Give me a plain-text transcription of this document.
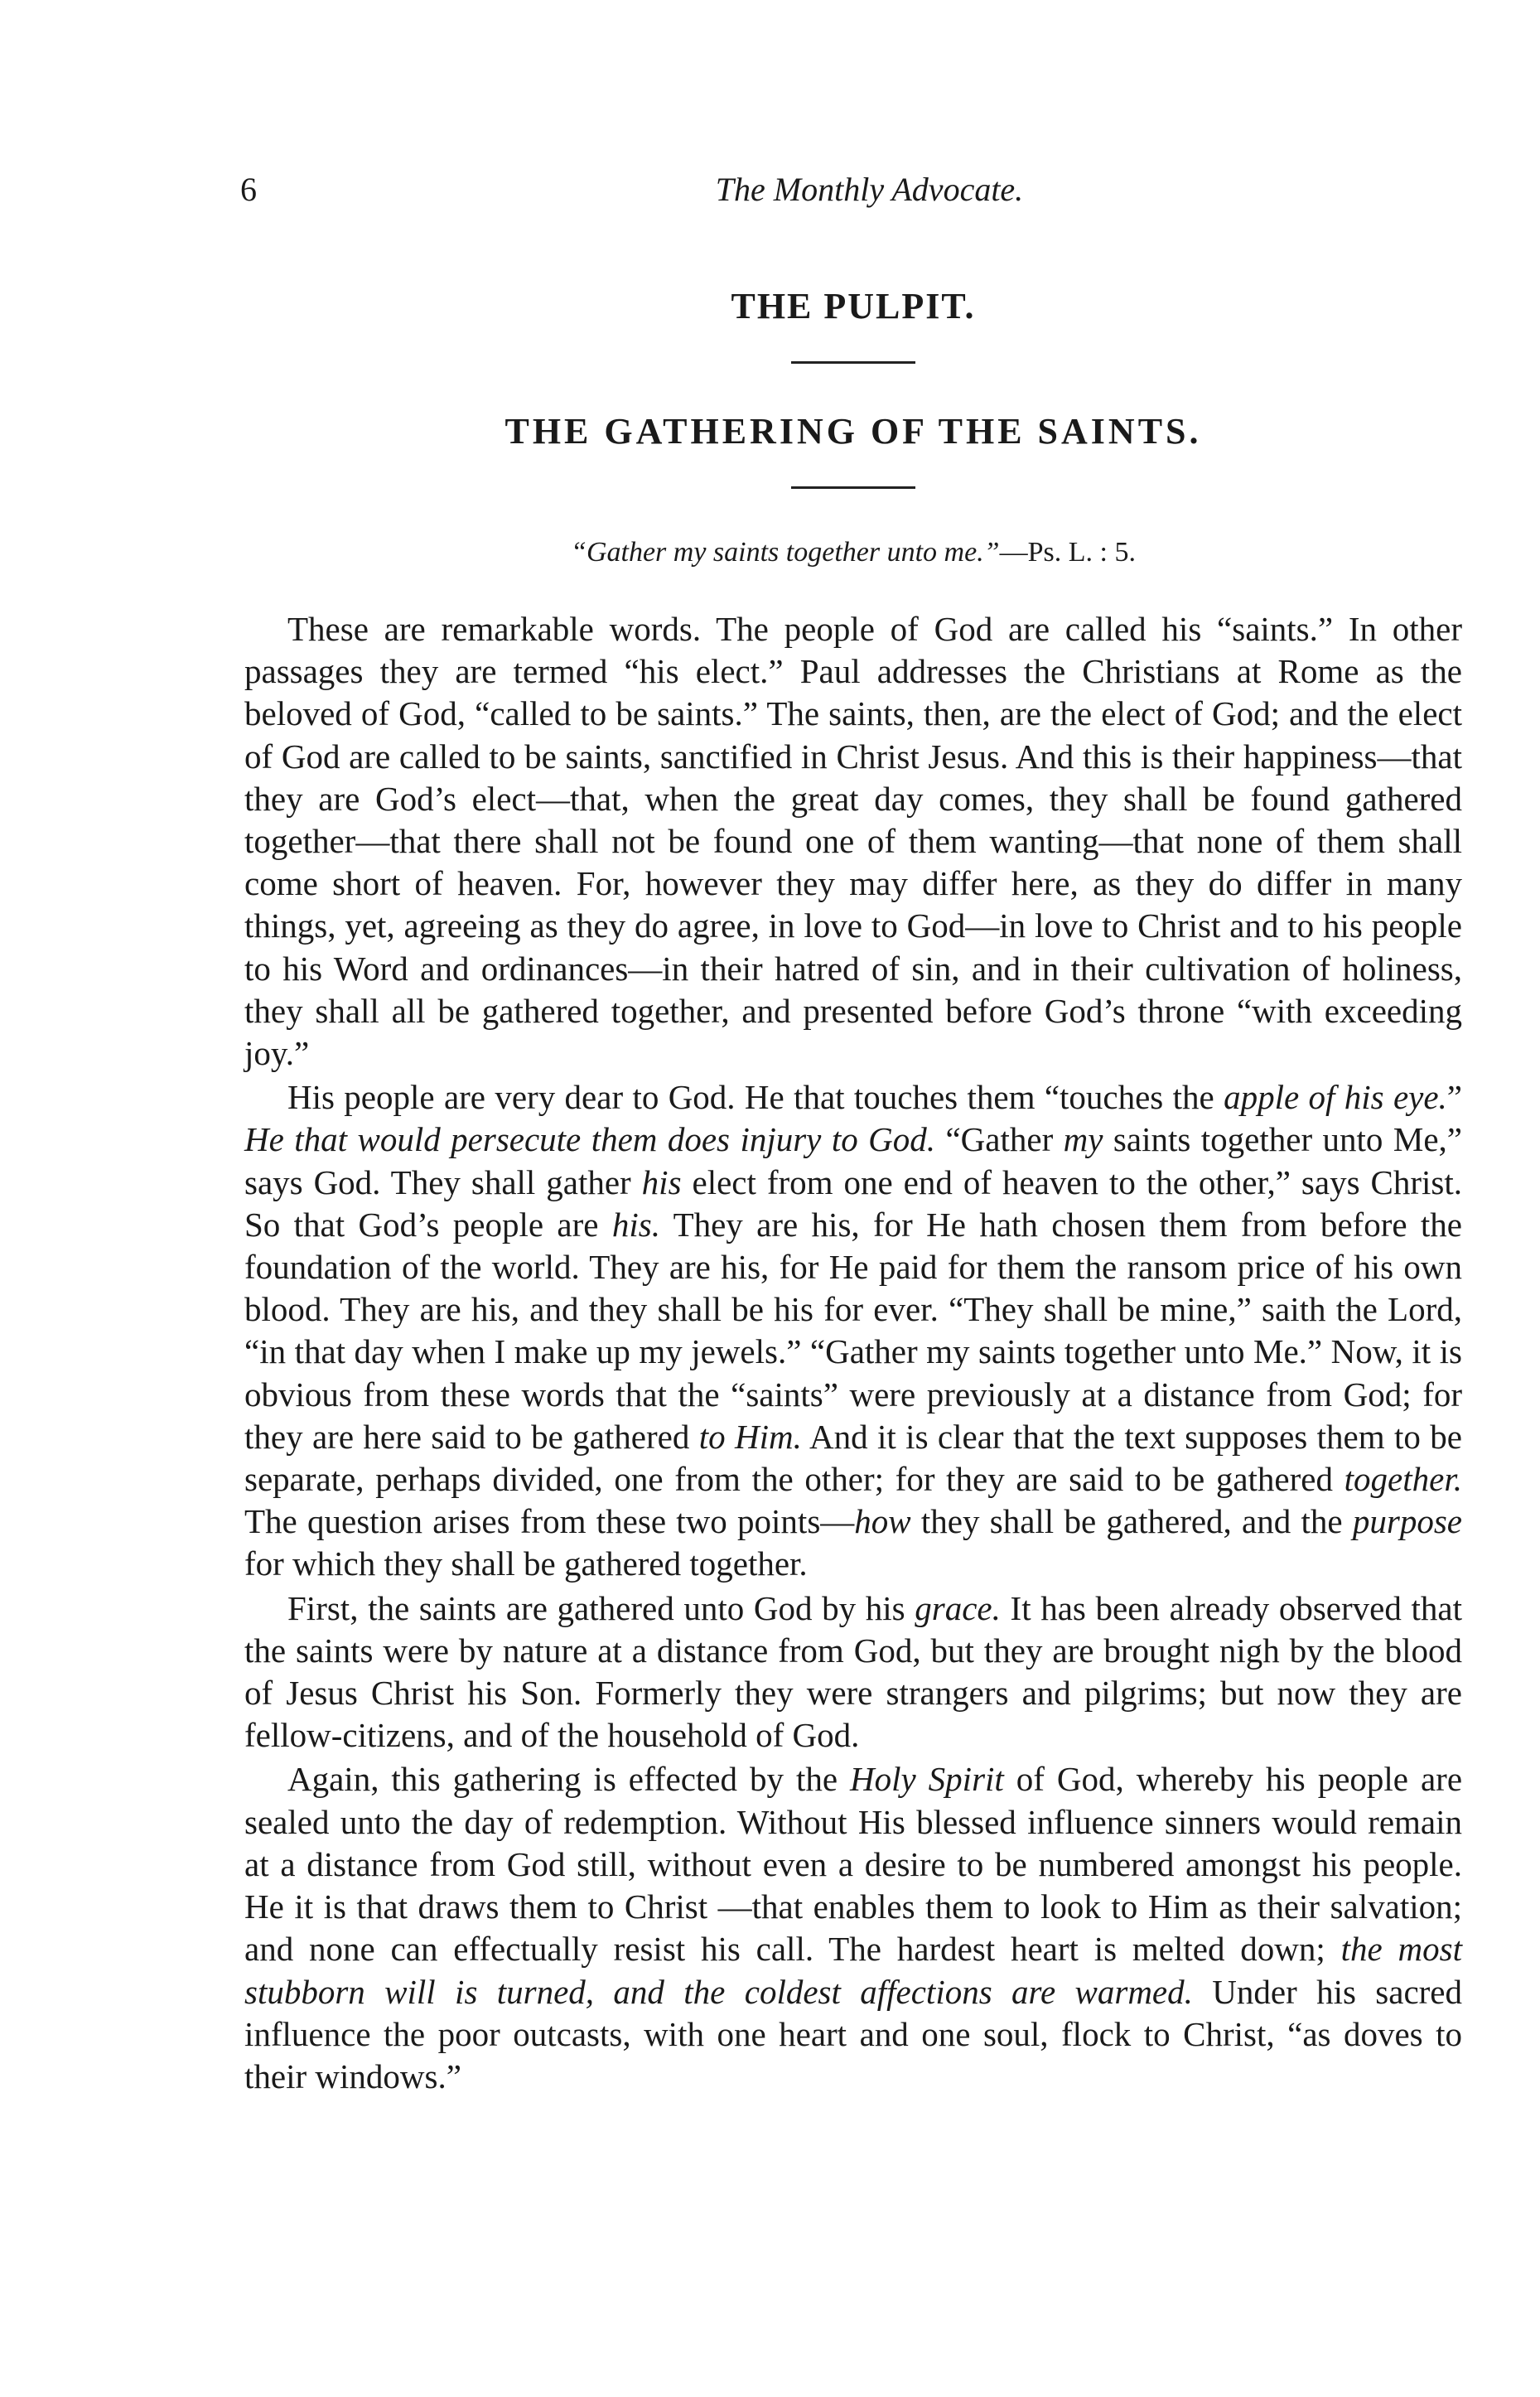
6	The Monthly Advocate.
THE PULPIT.
THE GATHERING OF THE SAINTS.

“Gather my saints together unto me.”—Ps. L. : 5.

These are remarkable words. The people of God are called his “saints.” In other passages they are termed “his elect.” Paul addresses the Christians at Rome as the beloved of God, “called to be saints.” The saints, then, are the elect of God; and the elect of God are called to be saints, sanctified in Christ Jesus. And this is their happiness—that they are God’s elect—that, when the great day comes, they shall be found gathered together—that there shall not be found one of them wanting—that none of them shall come short of heaven. For, however they may differ here, as they do differ in many things, yet, agreeing as they do agree, in love to God—in love to Christ and to his people to his Word and ordinances—in their hatred of sin, and in their cultivation of holiness, they shall all be gathered together, and presented before God’s throne “with exceeding joy.”

His people are very dear to God. He that touches them “touches the apple of his eye.” He that would persecute them does injury to God. “Gather my saints together unto Me,” says God. They shall gather his elect from one end of heaven to the other,” says Christ. So that God’s people are his. They are his, for He hath chosen them from before the foundation of the world. They are his, for He paid for them the ransom price of his own blood. They are his, and they shall be his for ever. “They shall be mine,” saith the Lord, “in that day when I make up my jewels.” “Gather my saints together unto Me.” Now, it is obvious from these words that the “saints” were previously at a distance from God; for they are here said to be gathered to Him. And it is clear that the text supposes them to be separate, perhaps divided, one from the other; for they are said to be gathered together. The question arises from these two points—how they shall be gathered, and the purpose for which they shall be gathered together.

First, the saints are gathered unto God by his grace. It has been already observed that the saints were by nature at a distance from God, but they are brought nigh by the blood of Jesus Christ his Son. Formerly they were strangers and pilgrims; but now they are fellow-citizens, and of the household of God.

Again, this gathering is effected by the Holy Spirit of God, whereby his people are sealed unto the day of redemption. Without His blessed influence sinners would remain at a distance from God still, without even a desire to be numbered amongst his people. He it is that draws them to Christ —that enables them to look to Him as their salvation; and none can effectually resist his call. The hardest heart is melted down; the most stubborn will is turned, and the coldest affections are warmed. Under his sacred influence the poor outcasts, with one heart and one soul, flock to Christ, “as doves to their windows.”
